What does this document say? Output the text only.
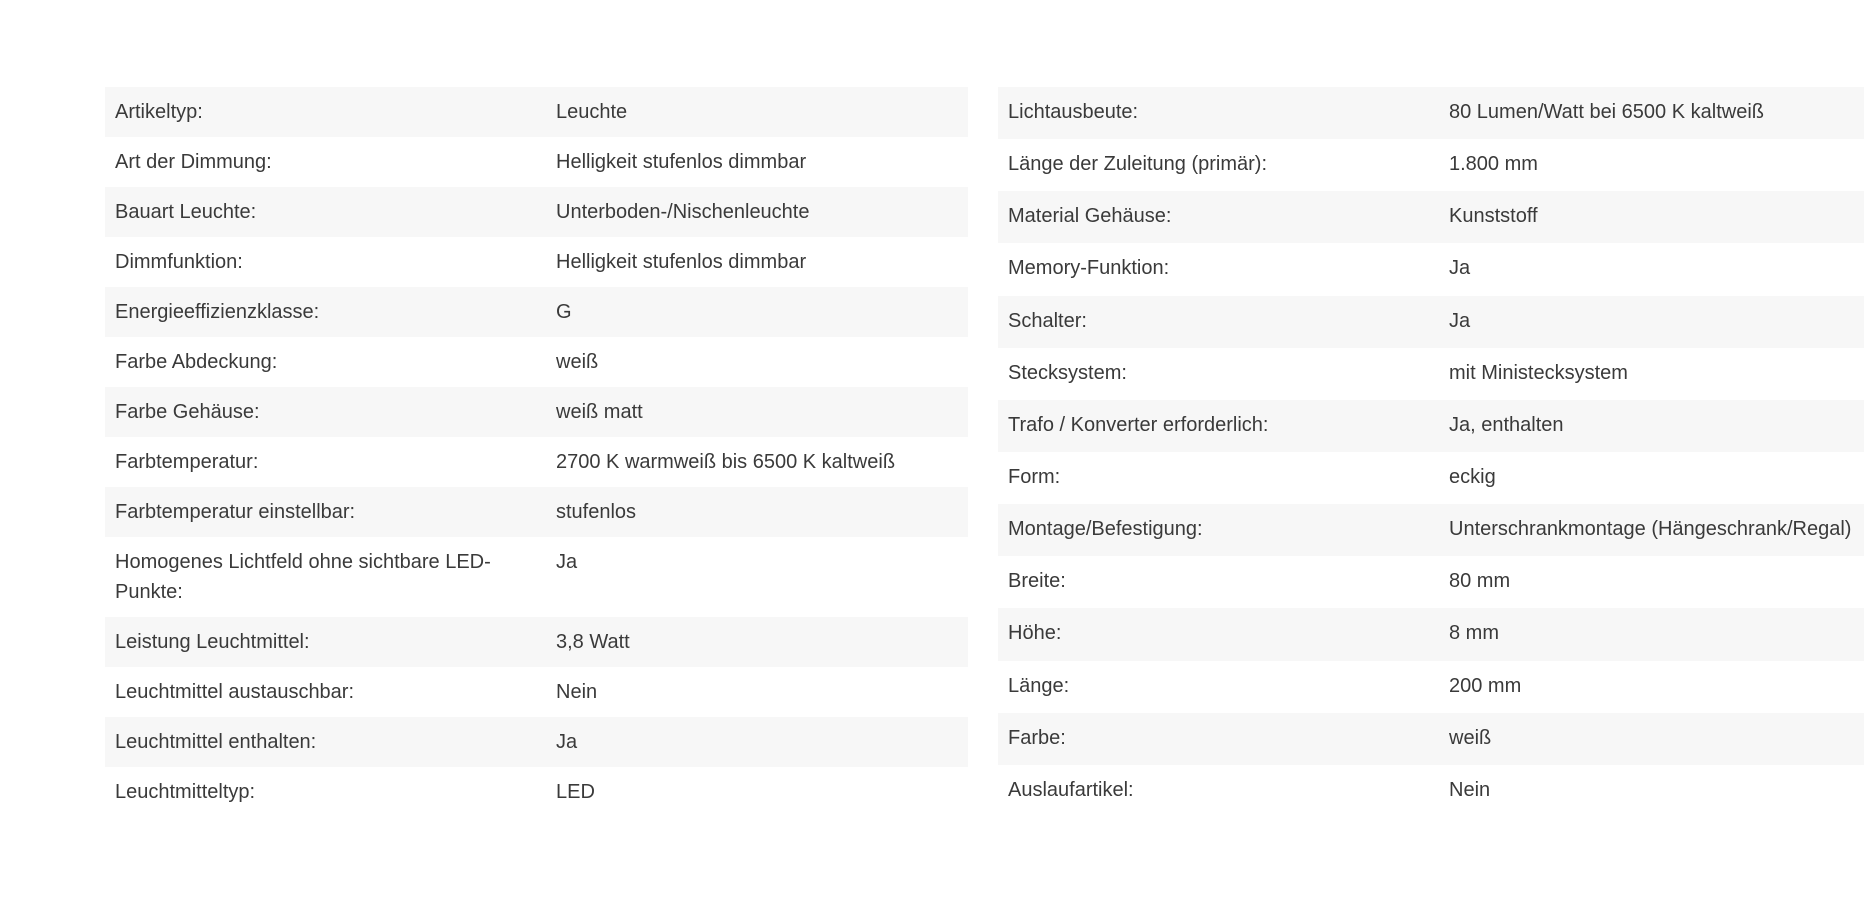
Artikeltyp:	Leuchte
Art der Dimmung:	Helligkeit stufenlos dimmbar
Bauart Leuchte:	Unterboden-/Nischenleuchte
Dimmfunktion:	Helligkeit stufenlos dimmbar
Energieeffizienzklasse:	G
Farbe Abdeckung:	weiß
Farbe Gehäuse:	weiß matt
Farbtemperatur:	2700 K warmweiß bis 6500 K kaltweiß
Farbtemperatur einstellbar:	stufenlos
Homogenes Lichtfeld ohne sichtbare LED-Punkte:	Ja
Leistung Leuchtmittel:	3,8 Watt
Leuchtmittel austauschbar:	Nein
Leuchtmittel enthalten:	Ja
Leuchtmitteltyp:	LED
Lichtausbeute:	80 Lumen/Watt bei 6500 K kaltweiß
Länge der Zuleitung (primär):	1.800 mm
Material Gehäuse:	Kunststoff
Memory-Funktion:	Ja
Schalter:	Ja
Stecksystem:	mit Ministecksystem
Trafo / Konverter erforderlich:	Ja, enthalten
Form:	eckig
Montage/Befestigung:	Unterschrankmontage (Hängeschrank/Regal)
Breite:	80 mm
Höhe:	8 mm
Länge:	200 mm
Farbe:	weiß
Auslaufartikel:	Nein
